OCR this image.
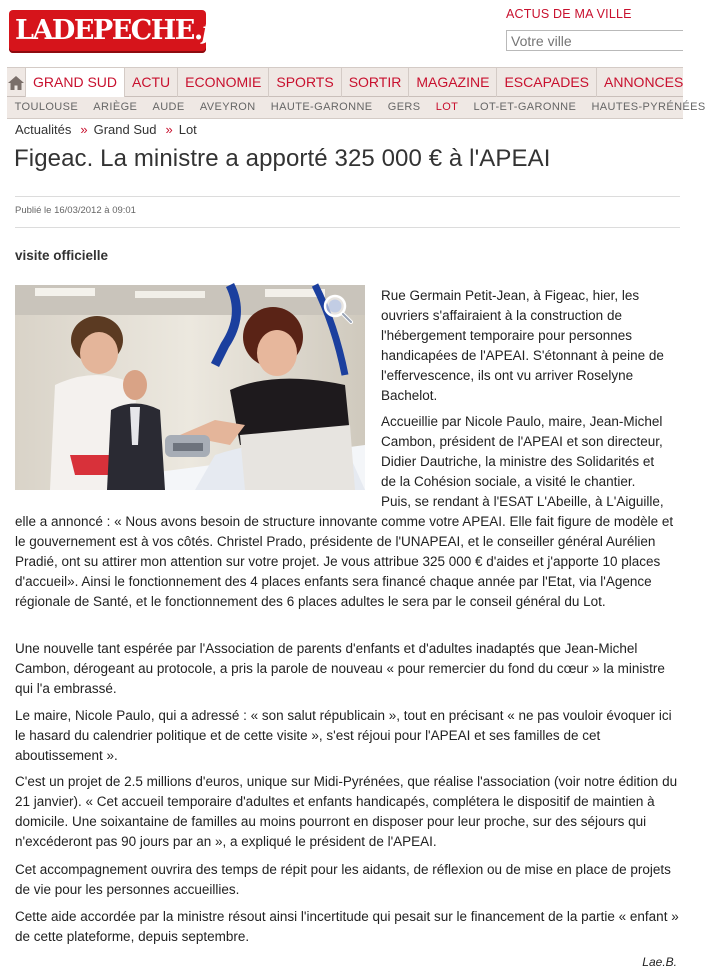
LADEPECHE.fr
ACTUS DE MA VILLE
Votre ville
GRAND SUD	ACTU	ECONOMIE	SPORTS	SORTIR	MAGAZINE	ESCAPADES	ANNONCES
TOULOUSE	ARIÈGE	AUDE	AVEYRON	HAUTE-GARONNE	GERS	LOT	LOT-ET-GARONNE	HAUTES-PYRÉNÉES
Actualités » Grand Sud » Lot
Figeac. La ministre a apporté 325 000 € à l'APEAI
Publié le 16/03/2012 à 09:01
visite officielle

Rue Germain Petit-Jean, à Figeac, hier, les ouvriers s'affairaient à la construction de l'hébergement temporaire pour personnes handicapées de l'APEAI. S'étonnant à peine de l'effervescence, ils ont vu arriver Roselyne Bachelot.

Accueillie par Nicole Paulo, maire, Jean-Michel
Cambon, président de l'APEAI et son directeur,
Didier Dautriche, la ministre des Solidarités et
de la Cohésion sociale, a visité le chantier.
Puis, se rendant à l'ESAT L'Abeille, à L'Aiguille,

elle a annoncé : « Nous avons besoin de structure innovante comme votre APEAI. Elle fait figure de modèle et le gouvernement est à vos côtés. Christel Prado, présidente de l'UNAPEAI, et le conseiller général Aurélien Pradié, ont su attirer mon attention sur votre projet. Je vous attribue 325 000 € d'aides et j'apporte 10 places d'accueil». Ainsi le fonctionnement des 4 places enfants sera financé chaque année par l'Etat, via l'Agence régionale de Santé, et le fonctionnement des 6 places adultes le sera par le conseil général du Lot.

Une nouvelle tant espérée par l'Association de parents d'enfants et d'adultes inadaptés que Jean-Michel Cambon, dérogeant au protocole, a pris la parole de nouveau « pour remercier du fond du cœur » la ministre qui l'a embrassé.

Le maire, Nicole Paulo, qui a adressé : « son salut républicain », tout en précisant « ne pas vouloir évoquer ici le hasard du calendrier politique et de cette visite », s'est réjoui pour l'APEAI et ses familles de cet aboutissement ».

C'est un projet de 2.5 millions d'euros, unique sur Midi-Pyrénées, que réalise l'association (voir notre édition du 21 janvier). « Cet accueil temporaire d'adultes et enfants handicapés, complétera le dispositif de maintien à domicile. Une soixantaine de familles au moins pourront en disposer pour leur proche, sur des séjours qui n'excéderont pas 90 jours par an », a expliqué le président de l'APEAI.

Cet accompagnement ouvrira des temps de répit pour les aidants, de réflexion ou de mise en place de projets de vie pour les personnes accueillies.

Cette aide accordée par la ministre résout ainsi l'incertitude qui pesait sur le financement de la partie « enfant » de cette plateforme, depuis septembre.

Lae.B.
